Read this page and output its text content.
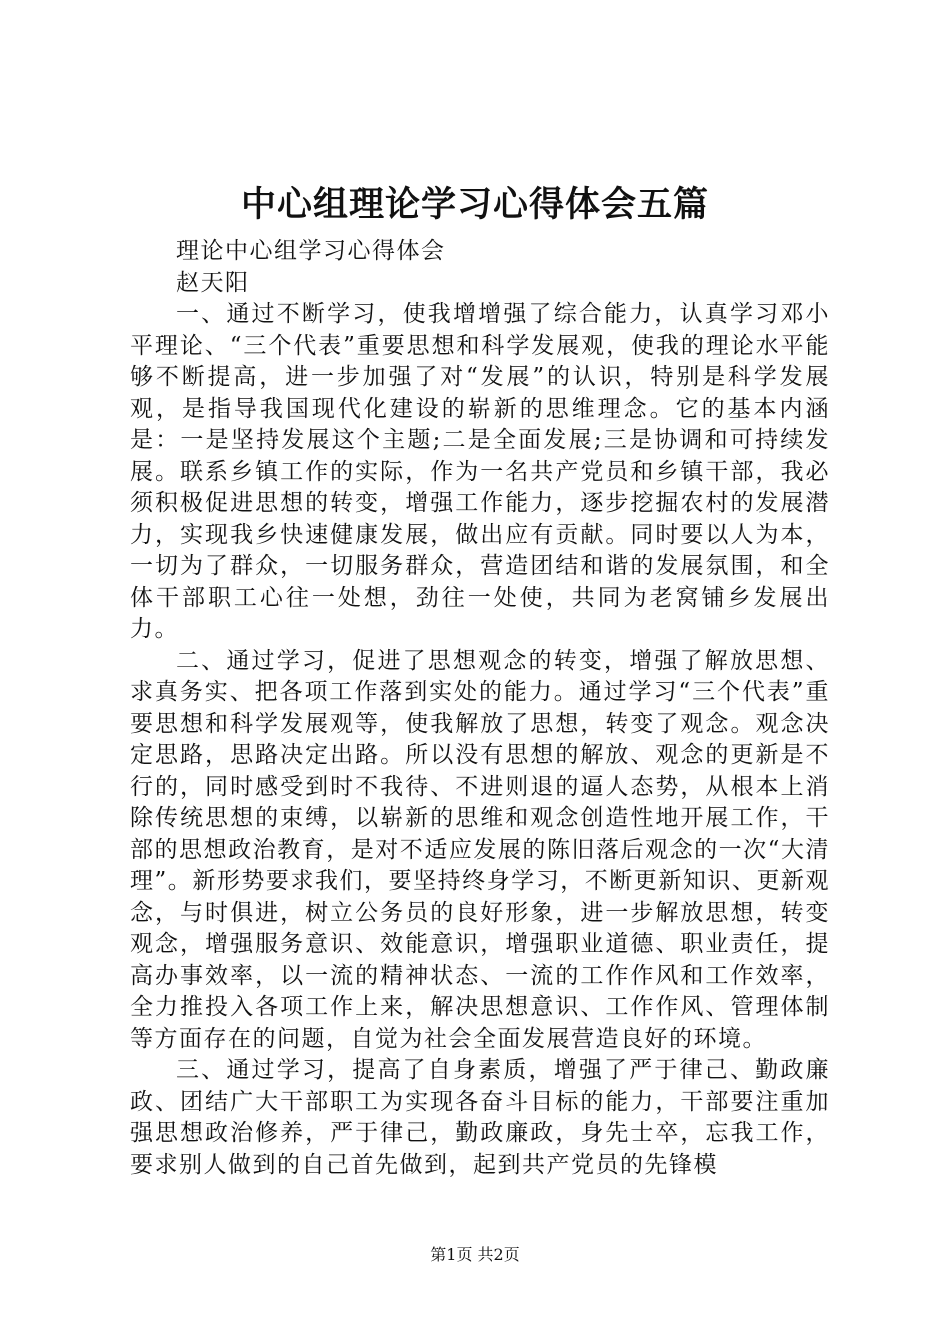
中心组理论学习心得体会五篇

理论中心组学习心得体会

赵天阳

一、通过不断学习，使我增增强了综合能力，认真学习邓小平理论、“三个代表”重要思想和科学发展观，使我的理论水平能够不断提高，进一步加强了对“发展”的认识，特别是科学发展观，是指导我国现代化建设的崭新的思维理念。它的基本内涵是：一是坚持发展这个主题;二是全面发展;三是协调和可持续发展。联系乡镇工作的实际，作为一名共产党员和乡镇干部，我必须积极促进思想的转变，增强工作能力，逐步挖掘农村的发展潜力，实现我乡快速健康发展，做出应有贡献。同时要以人为本，一切为了群众，一切服务群众，营造团结和谐的发展氛围，和全体干部职工心往一处想，劲往一处使，共同为老窝铺乡发展出力。

二、通过学习，促进了思想观念的转变，增强了解放思想、求真务实、把各项工作落到实处的能力。通过学习“三个代表”重要思想和科学发展观等，使我解放了思想，转变了观念。观念决定思路，思路决定出路。所以没有思想的解放、观念的更新是不行的，同时感受到时不我待、不进则退的逼人态势，从根本上消除传统思想的束缚，以崭新的思维和观念创造性地开展工作，干部的思想政治教育，是对不适应发展的陈旧落后观念的一次“大清理”。新形势要求我们，要坚持终身学习，不断更新知识、更新观念，与时俱进，树立公务员的良好形象，进一步解放思想，转变观念，增强服务意识、效能意识，增强职业道德、职业责任，提高办事效率，以一流的精神状态、一流的工作作风和工作效率，全力推投入各项工作上来，解决思想意识、工作作风、管理体制等方面存在的问题，自觉为社会全面发展营造良好的环境。

三、通过学习，提高了自身素质，增强了严于律己、勤政廉政、团结广大干部职工为实现各奋斗目标的能力，干部要注重加强思想政治修养，严于律己，勤政廉政，身先士卒，忘我工作，要求别人做到的自己首先做到，起到共产党员的先锋模

第1页 共2页
